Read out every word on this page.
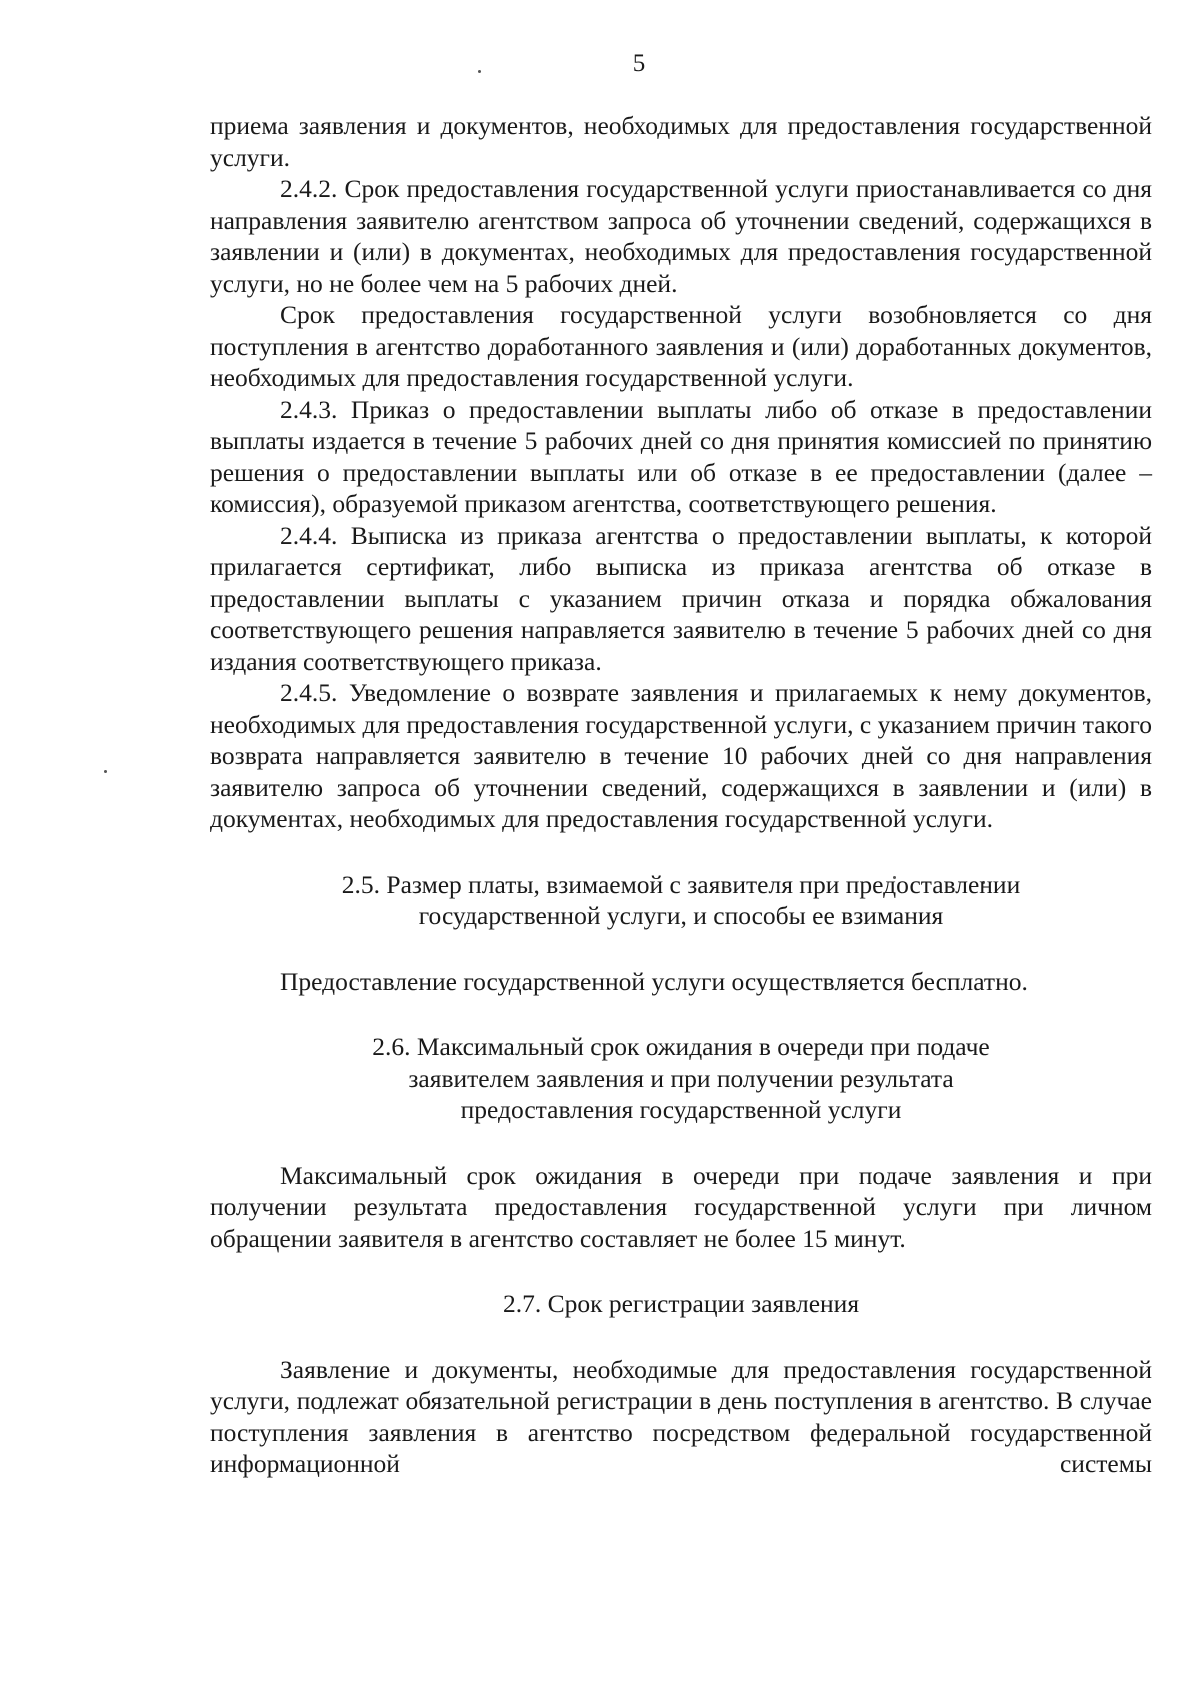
5

приема заявления и документов, необходимых для предоставления государственной услуги.

2.4.2. Срок предоставления государственной услуги приостанавливается со дня направления заявителю агентством запроса об уточнении сведений, содержащихся в заявлении и (или) в документах, необходимых для предоставления государственной услуги, но не более чем на 5 рабочих дней.

Срок предоставления государственной услуги возобновляется со дня поступления в агентство доработанного заявления и (или) доработанных документов, необходимых для предоставления государственной услуги.

2.4.3. Приказ о предоставлении выплаты либо об отказе в предоставлении выплаты издается в течение 5 рабочих дней со дня принятия комиссией по принятию решения о предоставлении выплаты или об отказе в ее предоставлении (далее – комиссия), образуемой приказом агентства, соответствующего решения.

2.4.4. Выписка из приказа агентства о предоставлении выплаты, к которой прилагается сертификат, либо выписка из приказа агентства об отказе в предоставлении выплаты с указанием причин отказа и порядка обжалования соответствующего решения направляется заявителю в течение 5 рабочих дней со дня издания соответствующего приказа.

2.4.5. Уведомление о возврате заявления и прилагаемых к нему документов, необходимых для предоставления государственной услуги, с указанием причин такого возврата направляется заявителю в течение 10 рабочих дней со дня направления заявителю запроса об уточнении сведений, содержащихся в заявлении и (или) в документах, необходимых для предоставления государственной услуги.

2.5. Размер платы, взимаемой с заявителя при предоставлении
государственной услуги, и способы ее взимания

Предоставление государственной услуги осуществляется бесплатно.

2.6. Максимальный срок ожидания в очереди при подаче
заявителем заявления и при получении результата
предоставления государственной услуги

Максимальный срок ожидания в очереди при подаче заявления и при получении результата предоставления государственной услуги при личном обращении заявителя в агентство составляет не более 15 минут.

2.7. Срок регистрации заявления

Заявление и документы, необходимые для предоставления государственной услуги, подлежат обязательной регистрации в день поступления в агентство. В случае поступления заявления в агентство посредством федеральной государственной информационной системы
